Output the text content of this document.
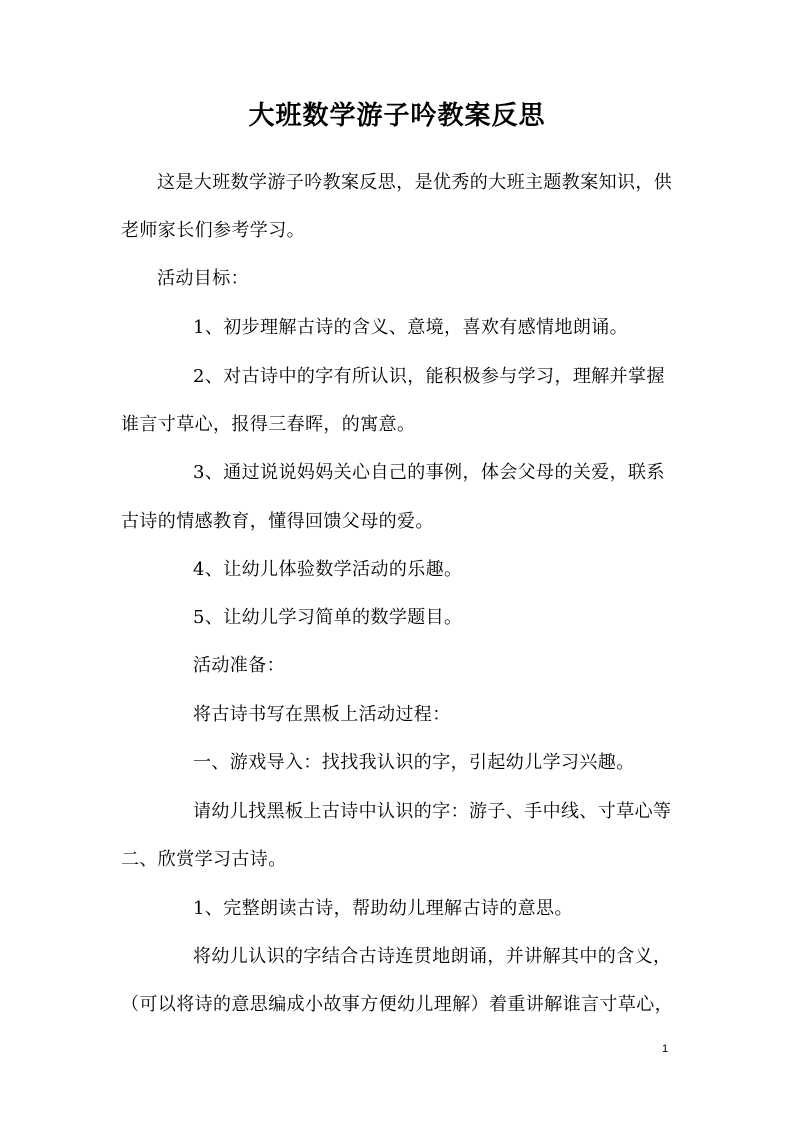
大班数学游子吟教案反思
这是大班数学游子吟教案反思，是优秀的大班主题教案知识，供
老师家长们参考学习。
活动目标：
1、初步理解古诗的含义、意境，喜欢有感情地朗诵。
2、对古诗中的字有所认识，能积极参与学习，理解并掌握
谁言寸草心，报得三春晖，的寓意。
3、通过说说妈妈关心自己的事例，体会父母的关爱，联系
古诗的情感教育，懂得回馈父母的爱。
4、让幼儿体验数学活动的乐趣。
5、让幼儿学习简单的数学题目。
活动准备：
将古诗书写在黑板上活动过程：
一、游戏导入：找找我认识的字，引起幼儿学习兴趣。
请幼儿找黑板上古诗中认识的字：游子、手中线、寸草心等
二、欣赏学习古诗。
1、完整朗读古诗，帮助幼儿理解古诗的意思。
将幼儿认识的字结合古诗连贯地朗诵，并讲解其中的含义，
（可以将诗的意思编成小故事方便幼儿理解）着重讲解谁言寸草心，
1
